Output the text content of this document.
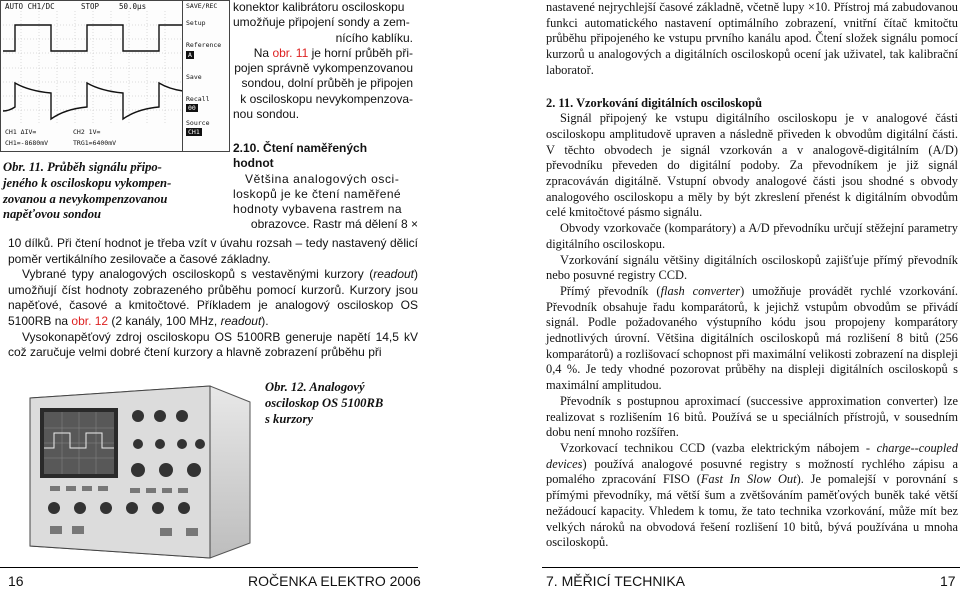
AUTO CH1/DC	STOP	50.0μs	SAVE/REC
Setup
Reference
A
Save
Recall
00
Source
CH1
CH1 ΔIV=	CH2 1V=
CH1=-8680mV	TRG1=6400mV
konektor kalibrátoru osciloskopu
umožňuje připojení sondy a zem-
nícího kablíku.
Na obr. 11 je horní průběh při-
pojen správně vykompenzovanou
sondou, dolní průběh je připojen
k osciloskopu nevykompenzova-
nou sondou.
Obr. 11. Průběh signálu připo-
jeného k osciloskopu vykompen-
zovanou a nevykompenzovanou
napěťovou sondou
2.10. Čtení naměřených
hodnot
Většina analogových osci-
loskopů je ke čtení naměřené
hodnoty vybavena rastrem na
obrazovce. Rastr má dělení 8 ×

10 dílků. Při čtení hodnot je třeba vzít v úvahu rozsah – tedy nastavený dělicí poměr vertikálního zesilovače a časové základny.

Vybrané typy analogových osciloskopů s vestavěnými kurzory (readout) umožňují číst hodnoty zobrazeného průběhu pomocí kurzorů. Kurzory jsou napěťové, časové a kmitočtové. Příkladem je analogový osciloskop OS 5100RB na obr. 12 (2 kanály, 100 MHz, readout).

Vysokonapěťový zdroj osciloskopu OS 5100RB generuje napětí 14,5 kV což zaručuje velmi dobré čtení kurzory a hlavně zobrazení průběhu při

Obr. 12. Analogový
osciloskop OS 5100RB
s kurzory

nastavené nejrychlejší časové základně, včetně lupy ×10. Přístroj má zabudovanou funkci automatického nastavení optimálního zobrazení, vnitřní čítač kmitočtu průběhu připojeného ke vstupu prvního kanálu apod. Čtení složek signálu pomocí kurzorů u analogových a digitálních osciloskopů ocení jak uživatel, tak kalibrační laboratoř.

2. 11. Vzorkování digitálních osciloskopů

Signál připojený ke vstupu digitálního osciloskopu je v analogové části osciloskopu amplitudově upraven a následně přiveden k obvodům digitální části. V těchto obvodech je signál vzorkován a v analogově-digitálním (A/D) převodníku převeden do digitální podoby. Za převodníkem je již signál zpracováván digitálně. Vstupní obvody analogové části jsou shodné s obvody analogového osciloskopu a měly by být zkreslení přenést k digitálním obvodům celé kmitočtové pásmo signálu.

Obvody vzorkovače (komparátory) a A/D převodníku určují stěžejní parametry digitálního osciloskopu.

Vzorkování signálu většiny digitálních osciloskopů zajišťuje přímý převodník nebo posuvné registry CCD.

Přímý převodník (flash converter) umožňuje provádět rychlé vzorkování. Převodník obsahuje řadu komparátorů, k jejichž vstupům obvodům se přivádí signál. Podle požadovaného výstupního kódu jsou propojeny komparátory jednotlivých úrovní. Většina digitálních osciloskopů má rozlišení 8 bitů (256 komparátorů) a rozlišovací schopnost při maximální velikosti zobrazení na displeji 0,4 %. Je tedy vhodné pozorovat průběhy na displeji digitálních osciloskopů s maximální amplitudou.

Převodník s postupnou aproximací (successive approximation converter) lze realizovat s rozlišením 16 bitů. Používá se u speciálních přístrojů, v sousedním dobu není mnoho rozšířen.

Vzorkovací technikou CCD (vazba elektrickým nábojem - charge--coupled devices) používá analogové posuvné registry s možností rychlého zápisu a pomalého zpracování FISO (Fast In Slow Out). Je pomalejší v porovnání s přímými převodníky, má větší šum a zvětšováním paměťových buněk také větší nežádoucí kapacity. Vhledem k tomu, že tato technika vzorkování, může mít bez velkých nároků na obvodová řešení rozlišení 10 bitů, bývá používána u mnoha osciloskopů.

16	ROČENKA ELEKTRO 2006	7. MĚŘICÍ TECHNIKA	17
